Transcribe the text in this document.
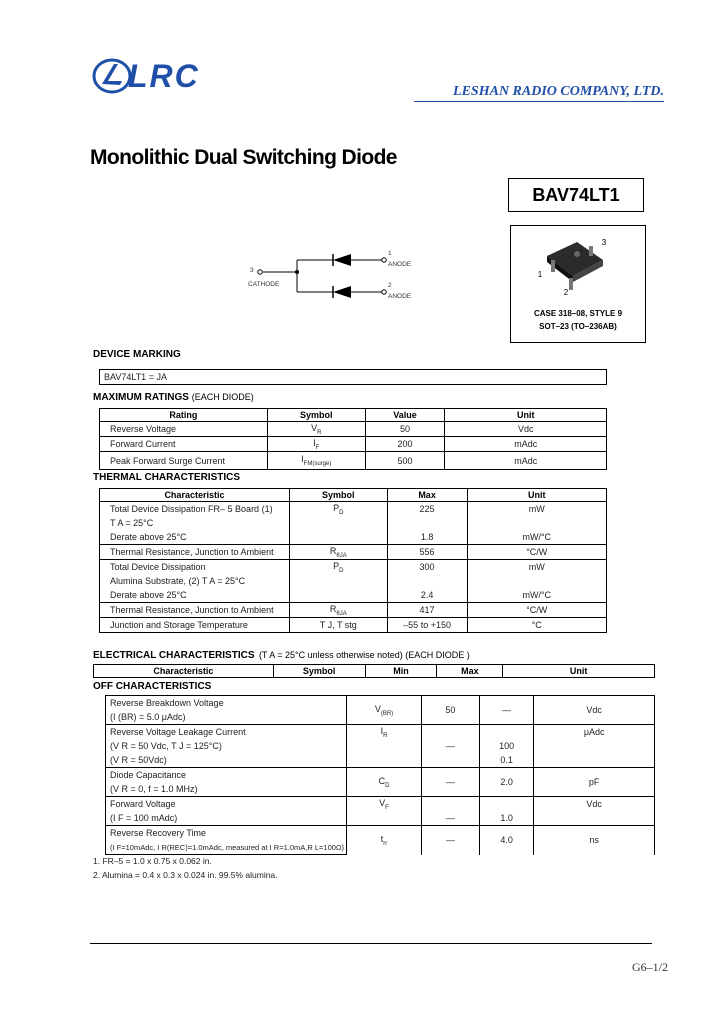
LRC	LESHAN RADIO COMPANY, LTD.
Monolithic Dual Switching Diode
BAV74LT1
3
CATHODE
1
ANODE
2
ANODE
3
1
2
CASE 318–08, STYLE 9
SOT–23 (TO–236AB)
DEVICE MARKING
BAV74LT1 = JA
MAXIMUM RATINGS (EACH DIODE)
Rating	Symbol	Value	Unit
Reverse Voltage	$V_R$	50	Vdc
Forward Current	$I_F$	200	mAdc
Peak Forward Surge Current	$I_{FM(surge)}$	500	mAdc
THERMAL CHARACTERISTICS
Characteristic	Symbol	Max	Unit
Total Device Dissipation FR– 5 Board (1)	$P_D$	225	mW
T A = 25°C			
Derate above 25°C		1.8	mW/°C
Thermal Resistance, Junction to Ambient	$R_{\theta JA}$	556	°C/W
Total Device Dissipation	$P_D$	300	mW
Alumina Substrate, (2) T A = 25°C			
Derate above 25°C		2.4	mW/°C
Thermal Resistance, Junction to Ambient	$R_{\theta JA}$	417	°C/W
Junction and Storage Temperature	T J, T stg	–55 to +150	°C
ELECTRICAL CHARACTERISTICS (T A = 25°C unless otherwise noted) (EACH DIODE )
Characteristic	Symbol	Min	Max	Unit
OFF CHARACTERISTICS
Reverse Breakdown Voltage	$V_{(BR)}$	50	—	Vdc
(I (BR) = 5.0 μAdc)				
Reverse Voltage Leakage Current	$I_R$			μAdc
(V R = 50 Vdc, T J = 125°C)		—	100	
(V R = 50Vdc)			0.1	
Diode Capacitance	$C_D$	—	2.0	pF
(V R = 0, f = 1.0 MHz)				
Forward Voltage	$V_F$			Vdc
(I F = 100 mAdc)		—	1.0	
Reverse Recovery Time	$t_{rr}$	—	4.0	ns
(I F=10mAdc, I R(REC)=1.0mAdc, measured at I R=1.0mA,R L=100Ω)				
1. FR–5 = 1.0 x 0.75 x 0.062 in.
2. Alumina = 0.4 x 0.3 x 0.024 in. 99.5% alumina.
G6–1/2
